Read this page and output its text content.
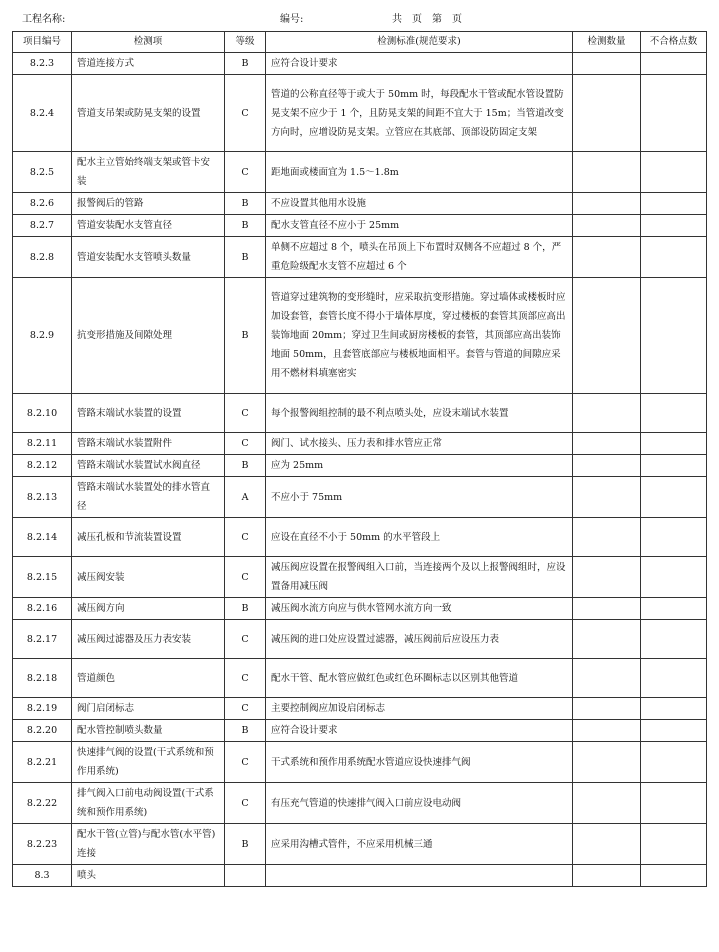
工程名称:	编号:	共　页　第　页
项目编号	检测项	等级	检测标准(规范要求)	检测数量	不合格点数
8.2.3	管道连接方式	B	应符合设计要求		
8.2.4	管道支吊架或防晃支架的设置	C	管道的公称直径等于或大于 50mm 时，每段配水干管或配水管设置防晃支架不应少于 1 个，且防晃支架的间距不宜大于 15m；当管道改变方向时，应增设防晃支架。立管应在其底部、顶部设防固定支架		
8.2.5	配水主立管始终端支架或管卡安装	C	距地面或楼面宜为 1.5～1.8m		
8.2.6	报警阀后的管路	B	不应设置其他用水设施		
8.2.7	管道安装配水支管直径	B	配水支管直径不应小于 25mm		
8.2.8	管道安装配水支管喷头数量	B	单侧不应超过 8 个，喷头在吊顶上下布置时双侧各不应超过 8 个，严重危险级配水支管不应超过 6 个		
8.2.9	抗变形措施及间隙处理	B	管道穿过建筑物的变形缝时，应采取抗变形措施。穿过墙体或楼板时应加设套管，套管长度不得小于墙体厚度，穿过楼板的套管其顶部应高出装饰地面 20mm；穿过卫生间或厨房楼板的套管，其顶部应高出装饰地面 50mm，且套管底部应与楼板地面相平。套管与管道的间隙应采用不燃材料填塞密实		
8.2.10	管路末端试水装置的设置	C	每个报警阀组控制的最不利点喷头处，应设末端试水装置		
8.2.11	管路末端试水装置附件	C	阀门、试水接头、压力表和排水管应正常		
8.2.12	管路末端试水装置试水阀直径	B	应为 25mm		
8.2.13	管路末端试水装置处的排水管直径	A	不应小于 75mm		
8.2.14	减压孔板和节流装置设置	C	应设在直径不小于 50mm 的水平管段上		
8.2.15	减压阀安装	C	减压阀应设置在报警阀组入口前，当连接两个及以上报警阀组时，应设置备用减压阀		
8.2.16	减压阀方向	B	减压阀水流方向应与供水管网水流方向一致		
8.2.17	减压阀过滤器及压力表安装	C	减压阀的进口处应设置过滤器，减压阀前后应设压力表		
8.2.18	管道颜色	C	配水干管、配水管应做红色或红色环圈标志以区别其他管道		
8.2.19	阀门启闭标志	C	主要控制阀应加设启闭标志		
8.2.20	配水管控制喷头数量	B	应符合设计要求		
8.2.21	快速排气阀的设置(干式系统和预作用系统)	C	干式系统和预作用系统配水管道应设快速排气阀		
8.2.22	排气阀入口前电动阀设置(干式系统和预作用系统)	C	有压充气管道的快速排气阀入口前应设电动阀		
8.2.23	配水干管(立管)与配水管(水平管)连接	B	应采用沟槽式管件，不应采用机械三通		
8.3	喷头				
